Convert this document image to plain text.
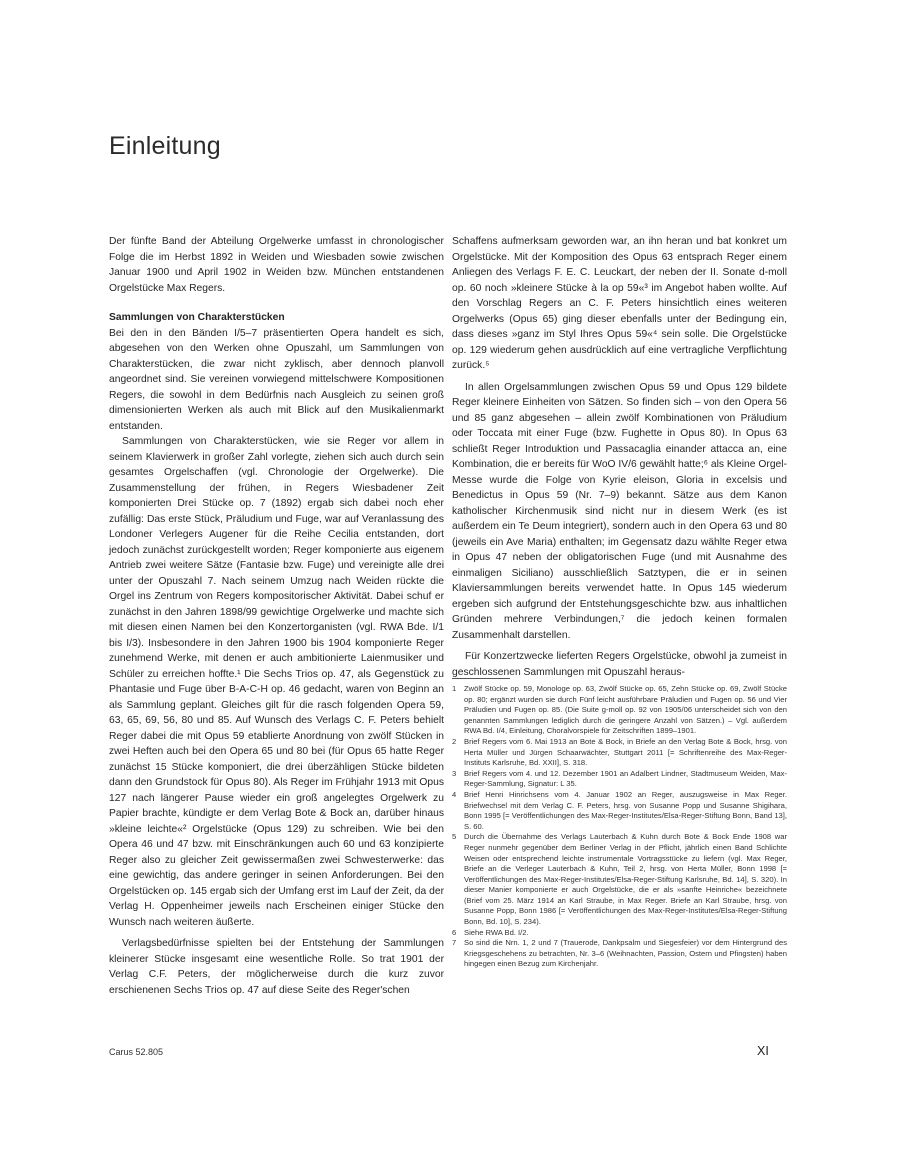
Einleitung

Der fünfte Band der Abteilung Orgelwerke umfasst in chronologischer Folge die im Herbst 1892 in Weiden und Wiesbaden sowie zwischen Januar 1900 und April 1902 in Weiden bzw. München entstandenen Orgelstücke Max Regers.

Sammlungen von Charakterstücken

Bei den in den Bänden I/5–7 präsentierten Opera handelt es sich, abgesehen von den Werken ohne Opuszahl, um Sammlungen von Charakterstücken, die zwar nicht zyklisch, aber dennoch planvoll angeordnet sind. Sie vereinen vorwiegend mittelschwere Kompositionen Regers, die sowohl in dem Bedürfnis nach Ausgleich zu seinen groß dimensionierten Werken als auch mit Blick auf den Musikalienmarkt entstanden.

Sammlungen von Charakterstücken, wie sie Reger vor allem in seinem Klavierwerk in großer Zahl vorlegte, ziehen sich auch durch sein gesamtes Orgelschaffen (vgl. Chronologie der Orgelwerke). Die Zusammenstellung der frühen, in Regers Wiesbadener Zeit komponierten Drei Stücke op. 7 (1892) ergab sich dabei noch eher zufällig: Das erste Stück, Präludium und Fuge, war auf Veranlassung des Londoner Verlegers Augener für die Reihe Cecilia entstanden, dort jedoch zunächst zurückgestellt worden; Reger komponierte aus eigenem Antrieb zwei weitere Sätze (Fantasie bzw. Fuge) und vereinigte alle drei unter der Opuszahl 7. Nach seinem Umzug nach Weiden rückte die Orgel ins Zentrum von Regers kompositorischer Aktivität. Dabei schuf er zunächst in den Jahren 1898/99 gewichtige Orgelwerke und machte sich mit diesen einen Namen bei den Konzertorganisten (vgl. RWA Bde. I/1 bis I/3). Insbesondere in den Jahren 1900 bis 1904 komponierte Reger zunehmend Werke, mit denen er auch ambitionierte Laienmusiker und Schüler zu erreichen hoffte.¹ Die Sechs Trios op. 47, als Gegenstück zu Phantasie und Fuge über B-A-C-H op. 46 gedacht, waren von Beginn an als Sammlung geplant. Gleiches gilt für die rasch folgenden Opera 59, 63, 65, 69, 56, 80 und 85. Auf Wunsch des Verlags C. F. Peters behielt Reger dabei die mit Opus 59 etablierte Anordnung von zwölf Stücken in zwei Heften auch bei den Opera 65 und 80 bei (für Opus 65 hatte Reger zunächst 15 Stücke komponiert, die drei überzähligen Stücke bildeten dann den Grundstock für Opus 80). Als Reger im Frühjahr 1913 mit Opus 127 nach längerer Pause wieder ein groß angelegtes Orgelwerk zu Papier brachte, kündigte er dem Verlag Bote & Bock an, darüber hinaus »kleine leichte«² Orgelstücke (Opus 129) zu schreiben. Wie bei den Opera 46 und 47 bzw. mit Einschränkungen auch 60 und 63 konzipierte Reger also zu gleicher Zeit gewissermaßen zwei Schwesterwerke: das eine gewichtig, das andere geringer in seinen Anforderungen. Bei den Orgelstücken op. 145 ergab sich der Umfang erst im Lauf der Zeit, da der Verlag H. Oppenheimer jeweils nach Erscheinen einiger Stücke den Wunsch nach weiteren äußerte.

Verlagsbedürfnisse spielten bei der Entstehung der Sammlungen kleinerer Stücke insgesamt eine wesentliche Rolle. So trat 1901 der Verlag C.F. Peters, der möglicherweise durch die kurz zuvor erschienenen Sechs Trios op. 47 auf diese Seite des Reger'schen

Schaffens aufmerksam geworden war, an ihn heran und bat konkret um Orgelstücke. Mit der Komposition des Opus 63 entsprach Reger einem Anliegen des Verlags F. E. C. Leuckart, der neben der II. Sonate d-moll op. 60 noch »kleinere Stücke à la op 59«³ im Angebot haben wollte. Auf den Vorschlag Regers an C. F. Peters hinsichtlich eines weiteren Orgelwerks (Opus 65) ging dieser ebenfalls unter der Bedingung ein, dass dieses »ganz im Styl Ihres Opus 59«⁴ sein solle. Die Orgelstücke op. 129 wiederum gehen ausdrücklich auf eine vertragliche Verpflichtung zurück.⁵

In allen Orgelsammlungen zwischen Opus 59 und Opus 129 bildete Reger kleinere Einheiten von Sätzen. So finden sich – von den Opera 56 und 85 ganz abgesehen – allein zwölf Kombinationen von Präludium oder Toccata mit einer Fuge (bzw. Fughette in Opus 80). In Opus 63 schließt Reger Introduktion und Passacaglia einander attacca an, eine Kombination, die er bereits für WoO IV/6 gewählt hatte;⁶ als Kleine Orgel-Messe wurde die Folge von Kyrie eleison, Gloria in excelsis und Benedictus in Opus 59 (Nr. 7–9) bekannt. Sätze aus dem Kanon katholischer Kirchenmusik sind nicht nur in diesem Werk (es ist außerdem ein Te Deum integriert), sondern auch in den Opera 63 und 80 (jeweils ein Ave Maria) enthalten; im Gegensatz dazu wählte Reger etwa in Opus 47 neben der obligatorischen Fuge (und mit Ausnahme des einmaligen Siciliano) ausschließlich Satztypen, die er in seinen Klaviersammlungen bereits verwendet hatte. In Opus 145 wiederum ergeben sich aufgrund der Entstehungsgeschichte bzw. aus inhaltlichen Gründen mehrere Verbindungen,⁷ die jedoch keinen formalen Zusammenhalt darstellen.

Für Konzertzwecke lieferten Regers Orgelstücke, obwohl ja zumeist in geschlossenen Sammlungen mit Opuszahl heraus-

1 Zwölf Stücke op. 59, Monologe op. 63, Zwölf Stücke op. 65, Zehn Stücke op. 69, Zwölf Stücke op. 80; ergänzt wurden sie durch Fünf leicht ausführbare Präludien und Fugen op. 56 und Vier Präludien und Fugen op. 85. (Die Suite g-moll op. 92 von 1905/06 unterscheidet sich von den genannten Sammlungen lediglich durch die geringere Anzahl von Sätzen.) – Vgl. außerdem RWA Bd. I/4, Einleitung, Choralvorspiele für Zeitschriften 1899–1901.
2 Brief Regers vom 6. Mai 1913 an Bote & Bock, in Briefe an den Verlag Bote & Bock, hrsg. von Herta Müller und Jürgen Schaarwächter, Stuttgart 2011 [= Schriftenreihe des Max-Reger-Instituts Karlsruhe, Bd. XXII], S. 318.
3 Brief Regers vom 4. und 12. Dezember 1901 an Adalbert Lindner, Stadtmuseum Weiden, Max-Reger-Sammlung, Signatur: L 35.
4 Brief Henri Hinrichsens vom 4. Januar 1902 an Reger, auszugsweise in Max Reger. Briefwechsel mit dem Verlag C. F. Peters, hrsg. von Susanne Popp und Susanne Shigihara, Bonn 1995 [= Veröffentlichungen des Max-Reger-Institutes/Elsa-Reger-Stiftung Bonn, Band 13], S. 60.
5 Durch die Übernahme des Verlags Lauterbach & Kuhn durch Bote & Bock Ende 1908 war Reger nunmehr gegenüber dem Berliner Verlag in der Pflicht, jährlich einen Band Schlichte Weisen oder entsprechend leichte instrumentale Vortragsstücke zu liefern (vgl. Max Reger, Briefe an die Verleger Lauterbach & Kuhn, Teil 2, hrsg. von Herta Müller, Bonn 1998 [= Veröffentlichungen des Max-Reger-Institutes/Elsa-Reger-Stiftung Karlsruhe, Bd. 14], S. 320). In dieser Manier komponierte er auch Orgelstücke, die er als »sanfte Heinriche« bezeichnete (Brief vom 25. März 1914 an Karl Straube, in Max Reger. Briefe an Karl Straube, hrsg. von Susanne Popp, Bonn 1986 [= Veröffentlichungen des Max-Reger-Institutes/Elsa-Reger-Stiftung Bonn, Bd. 10], S. 234).
6 Siehe RWA Bd. I/2.
7 So sind die Nrn. 1, 2 und 7 (Trauerode, Dankpsalm und Siegesfeier) vor dem Hintergrund des Kriegsgeschehens zu betrachten, Nr. 3–6 (Weihnachten, Passion, Ostern und Pfingsten) haben hingegen einen Bezug zum Kirchenjahr.
Carus 52.805	XI
